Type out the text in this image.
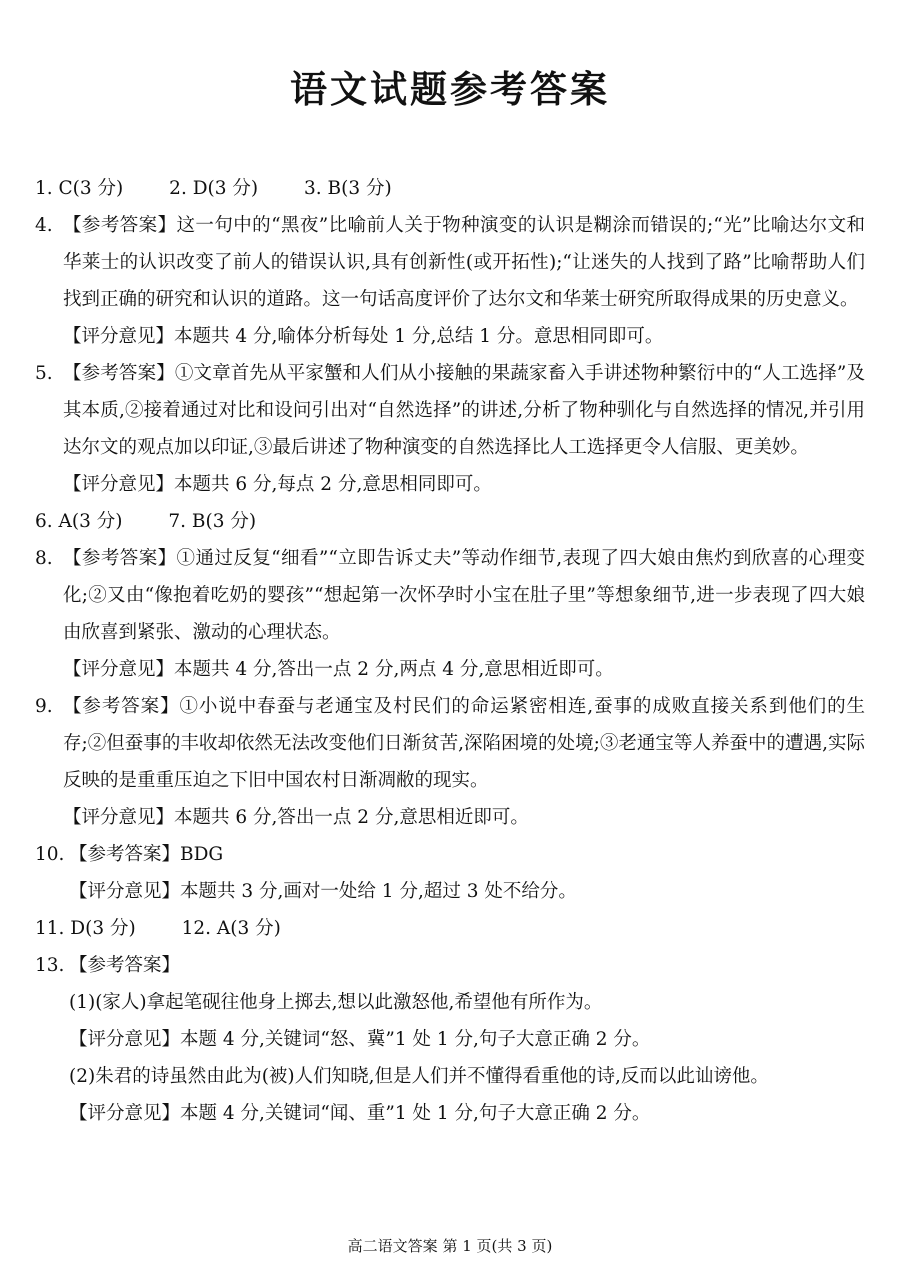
语文试题参考答案
1. C(3 分) 2. D(3 分) 3. B(3 分)
4. 【参考答案】这一句中的“黑夜”比喻前人关于物种演变的认识是糊涂而错误的;“光”比喻达尔文和华莱士的认识改变了前人的错误认识,具有创新性(或开拓性);“让迷失的人找到了路”比喻帮助人们找到正确的研究和认识的道路。这一句话高度评价了达尔文和华莱士研究所取得成果的历史意义。
【评分意见】本题共 4 分,喻体分析每处 1 分,总结 1 分。意思相同即可。
5. 【参考答案】①文章首先从平家蟹和人们从小接触的果蔬家畜入手讲述物种繁衍中的“人工选择”及其本质,②接着通过对比和设问引出对“自然选择”的讲述,分析了物种驯化与自然选择的情况,并引用达尔文的观点加以印证,③最后讲述了物种演变的自然选择比人工选择更令人信服、更美妙。
【评分意见】本题共 6 分,每点 2 分,意思相同即可。
6. A(3 分) 7. B(3 分)
8. 【参考答案】①通过反复“细看”“立即告诉丈夫”等动作细节,表现了四大娘由焦灼到欣喜的心理变化;②又由“像抱着吃奶的婴孩”“想起第一次怀孕时小宝在肚子里”等想象细节,进一步表现了四大娘由欣喜到紧张、激动的心理状态。
【评分意见】本题共 4 分,答出一点 2 分,两点 4 分,意思相近即可。
9. 【参考答案】①小说中春蚕与老通宝及村民们的命运紧密相连,蚕事的成败直接关系到他们的生存;②但蚕事的丰收却依然无法改变他们日渐贫苦,深陷困境的处境;③老通宝等人养蚕中的遭遇,实际反映的是重重压迫之下旧中国农村日渐凋敝的现实。
【评分意见】本题共 6 分,答出一点 2 分,意思相近即可。
10. 【参考答案】BDG
【评分意见】本题共 3 分,画对一处给 1 分,超过 3 处不给分。
11. D(3 分) 12. A(3 分)
13. 【参考答案】
(1)(家人)拿起笔砚往他身上掷去,想以此激怒他,希望他有所作为。
【评分意见】本题 4 分,关键词“怒、冀”1 处 1 分,句子大意正确 2 分。
(2)朱君的诗虽然由此为(被)人们知晓,但是人们并不懂得看重他的诗,反而以此讪谤他。
【评分意见】本题 4 分,关键词“闻、重”1 处 1 分,句子大意正确 2 分。
高二语文答案 第 1 页(共 3 页)
